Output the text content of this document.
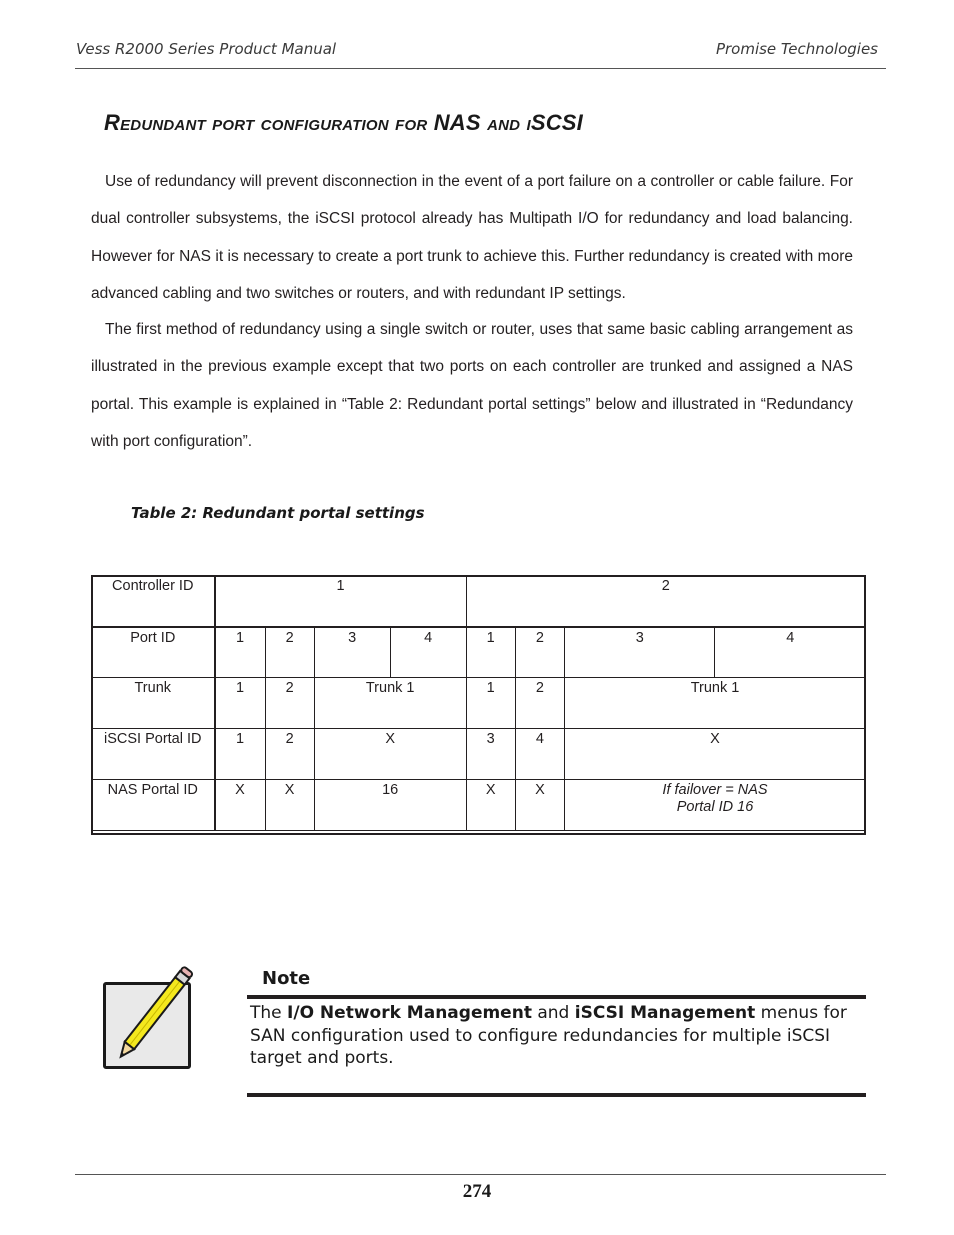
Vess R2000 Series Product Manual	Promise Technologies
Redundant port configuration for NAS and iSCSI
Use of redundancy will prevent disconnection in the event of a port failure on a controller or cable failure. For dual controller subsystems, the iSCSI protocol already has Multipath I/O for redundancy and load balancing. However for NAS it is necessary to create a port trunk to achieve this. Further redundancy is created with more advanced cabling and two switches or routers, and with redundant IP settings.
The first method of redundancy using a single switch or router, uses that same basic cabling arrangement as illustrated in the previous example except that two ports on each controller are trunked and assigned a NAS portal. This example is explained in “Table 2: Redundant portal settings” below and illustrated in “Redundancy with port configuration”.
Table 2: Redundant portal settings
Controller ID	1				2			
Port ID	1	2	3	4	1	2	3	4
Trunk	1	2	Trunk 1		1	2	Trunk 1	
iSCSI Portal ID	1	2	X		3	4	X	
NAS Portal ID	X	X	16		X	X	If failover = NAS
Portal ID 16	
Note
The I/O Network Management and iSCSI Management menus for SAN configuration used to configure redundancies for multiple iSCSI target and ports.
274
